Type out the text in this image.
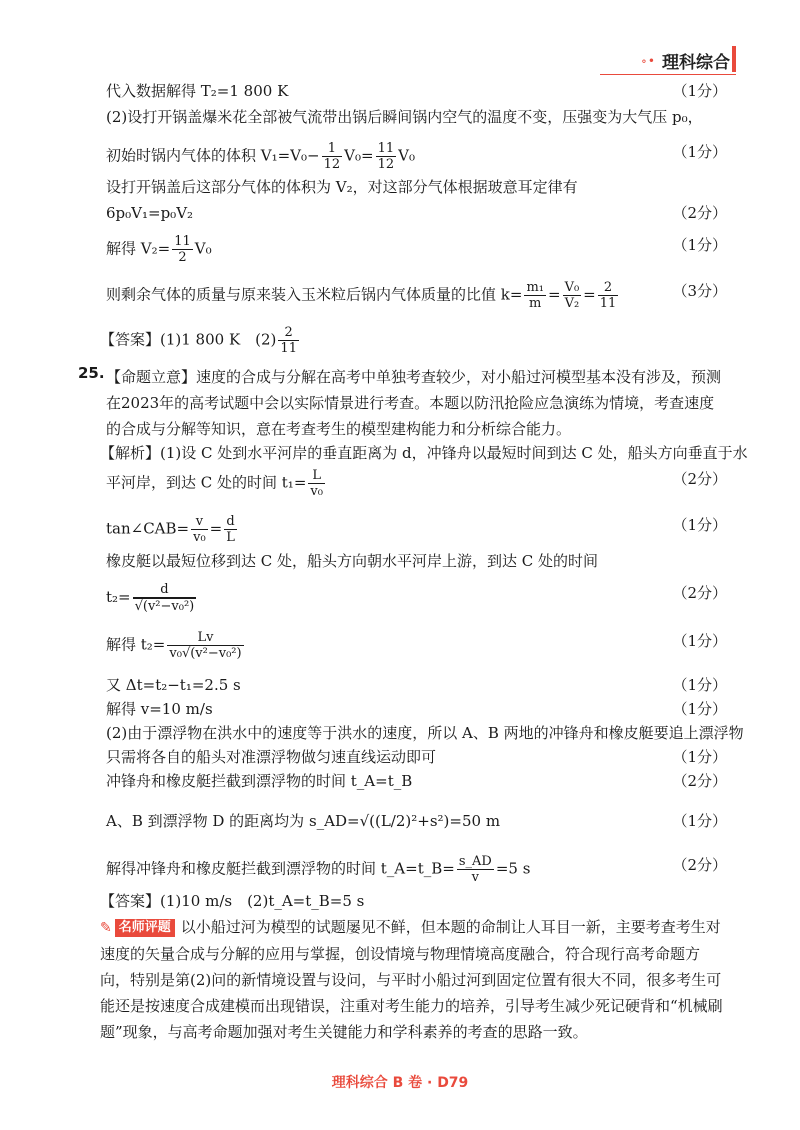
∘• 理科综合
代入数据解得 T₂=1 800 K	（1分）
(2)设打开锅盖爆米花全部被气流带出锅后瞬间锅内空气的温度不变，压强变为大气压 p₀，
初始时锅内气体的体积 $V_1=V_0- \frac{1}{12} V_0= \frac{11}{12} V_0$	（1分）
设打开锅盖后这部分气体的体积为 V₂，对这部分气体根据玻意耳定律有
6p₀V₁=p₀V₂	（2分）
解得 $V_2= \frac{11}{2} V_0$	（1分）
则剩余气体的质量与原来装入玉米粒后锅内气体质量的比值 $k= \frac{\text{m₁}}{m} = \frac{\text{V₀}}{\text{V₂}} = \frac{2}{11}$	（3分）
【答案】(1)1 800 K　$(2) \frac{2}{11}$
25. 【命题立意】速度的合成与分解在高考中单独考查较少，对小船过河模型基本没有涉及，预测在2023年的高考试题中会以实际情景进行考查。本题以防汛抢险应急演练为情境，考查速度的合成与分解等知识，意在考查考生的模型建构能力和分析综合能力。
【解析】(1)设 C 处到水平河岸的垂直距离为 d，冲锋舟以最短时间到达 C 处，船头方向垂直于水
平河岸，到达 C 处的时间 $t_1= \frac{L}{\text{v₀}}$	（2分）
tan∠CAB= $\frac{v}{\text{v₀}} = \frac{d}{L}$	（1分）
橡皮艇以最短位移到达 C 处，船头方向朝水平河岸上游，到达 C 处的时间
$t_2= \frac{d}{\text{√(v²−v₀²)}}$	（2分）
解得 $t_2= \frac{Lv}{\text{v₀√(v²−v₀²)}}$	（1分）
又 Δt=t₂−t₁=2.5 s	（1分）
解得 v=10 m/s	（1分）
(2)由于漂浮物在洪水中的速度等于洪水的速度，所以 A、B 两地的冲锋舟和橡皮艇要追上漂浮物
只需将各自的船头对准漂浮物做匀速直线运动即可	（1分）
冲锋舟和橡皮艇拦截到漂浮物的时间 t_A=t_B	（2分）
A、B 到漂浮物 D 的距离均为 s_AD=√((L/2)²+s²)=50 m	（1分）
解得冲锋舟和橡皮艇拦截到漂浮物的时间 t_A=t_B= $\frac{s\_AD}{v} =5$ s	（2分）
【答案】(1)10 m/s　(2)t_A=t_B=5 s
✎ 名师评题 以小船过河为模型的试题屡见不鲜，但本题的命制让人耳目一新，主要考查考生对速度的矢量合成与分解的应用与掌握，创设情境与物理情境高度融合，符合现行高考命题方向，特别是第(2)问的新情境设置与设问，与平时小船过河到固定位置有很大不同，很多考生可能还是按速度合成建模而出现错误，注重对考生能力的培养，引导考生减少死记硬背和“机械刷题”现象，与高考命题加强对考生关键能力和学科素养的考查的思路一致。
理科综合 B 卷 · D79
